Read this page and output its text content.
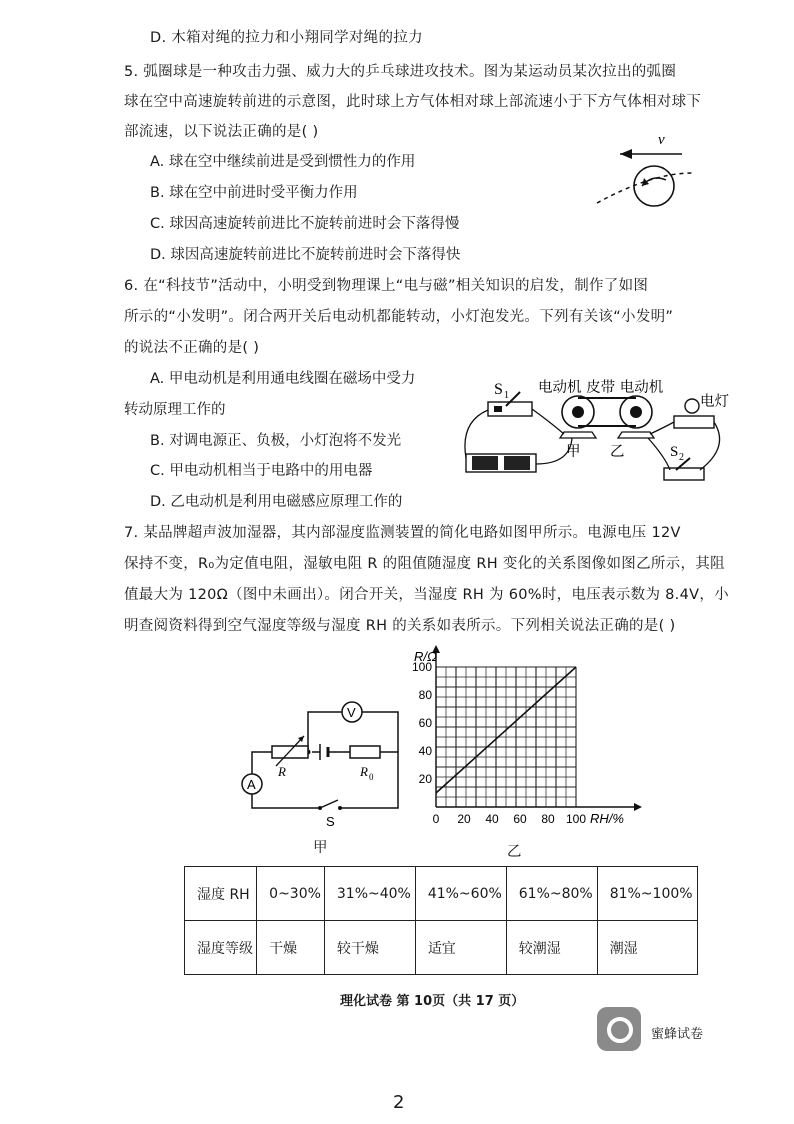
D. 木箱对绳的拉力和小翔同学对绳的拉力
5. 弧圈球是一种攻击力强、威力大的乒乓球进攻技术。图为某运动员某次拉出的弧圈
球在空中高速旋转前进的示意图，此时球上方气体相对球上部流速小于下方气体相对球下
部流速，以下说法正确的是( )
A. 球在空中继续前进是受到惯性力的作用
B. 球在空中前进时受平衡力作用
C. 球因高速旋转前进比不旋转前进时会下落得慢
D. 球因高速旋转前进比不旋转前进时会下落得快
v
6. 在“科技节”活动中，小明受到物理课上“电与磁”相关知识的启发，制作了如图
所示的“小发明”。闭合两开关后电动机都能转动，小灯泡发光。下列有关该“小发明”
的说法不正确的是( )
A. 甲电动机是利用通电线圈在磁场中受力
转动原理工作的
B. 对调电源正、负极，小灯泡将不发光
C. 甲电动机相当于电路中的用电器
D. 乙电动机是利用电磁感应原理工作的
S 1 电动机 皮带 电动机
电灯
甲 乙	S 2
7. 某品牌超声波加湿器，其内部湿度监测装置的简化电路如图甲所示。电源电压 12V
保持不变，R₀为定值电阻，湿敏电阻 R 的阻值随湿度 RH 变化的关系图像如图乙所示，其阻
值最大为 120Ω（图中未画出）。闭合开关，当湿度 RH 为 60%时，电压表示数为 8.4V，小
明查阅资料得到空气湿度等级与湿度 RH 的关系如表所示。下列相关说法正确的是( )
V
R	R 0
A
S
甲
0 20 40 60 80 100
20
40
60
80
100
R/Ω
RH/%
乙
湿度 RH	0~30%	31%~40%	41%~60%	61%~80%	81%~100%
湿度等级	干燥	较干燥	适宜	较潮湿	潮湿
理化试卷 第 10页（共 17 页）
蜜蜂试卷
2
